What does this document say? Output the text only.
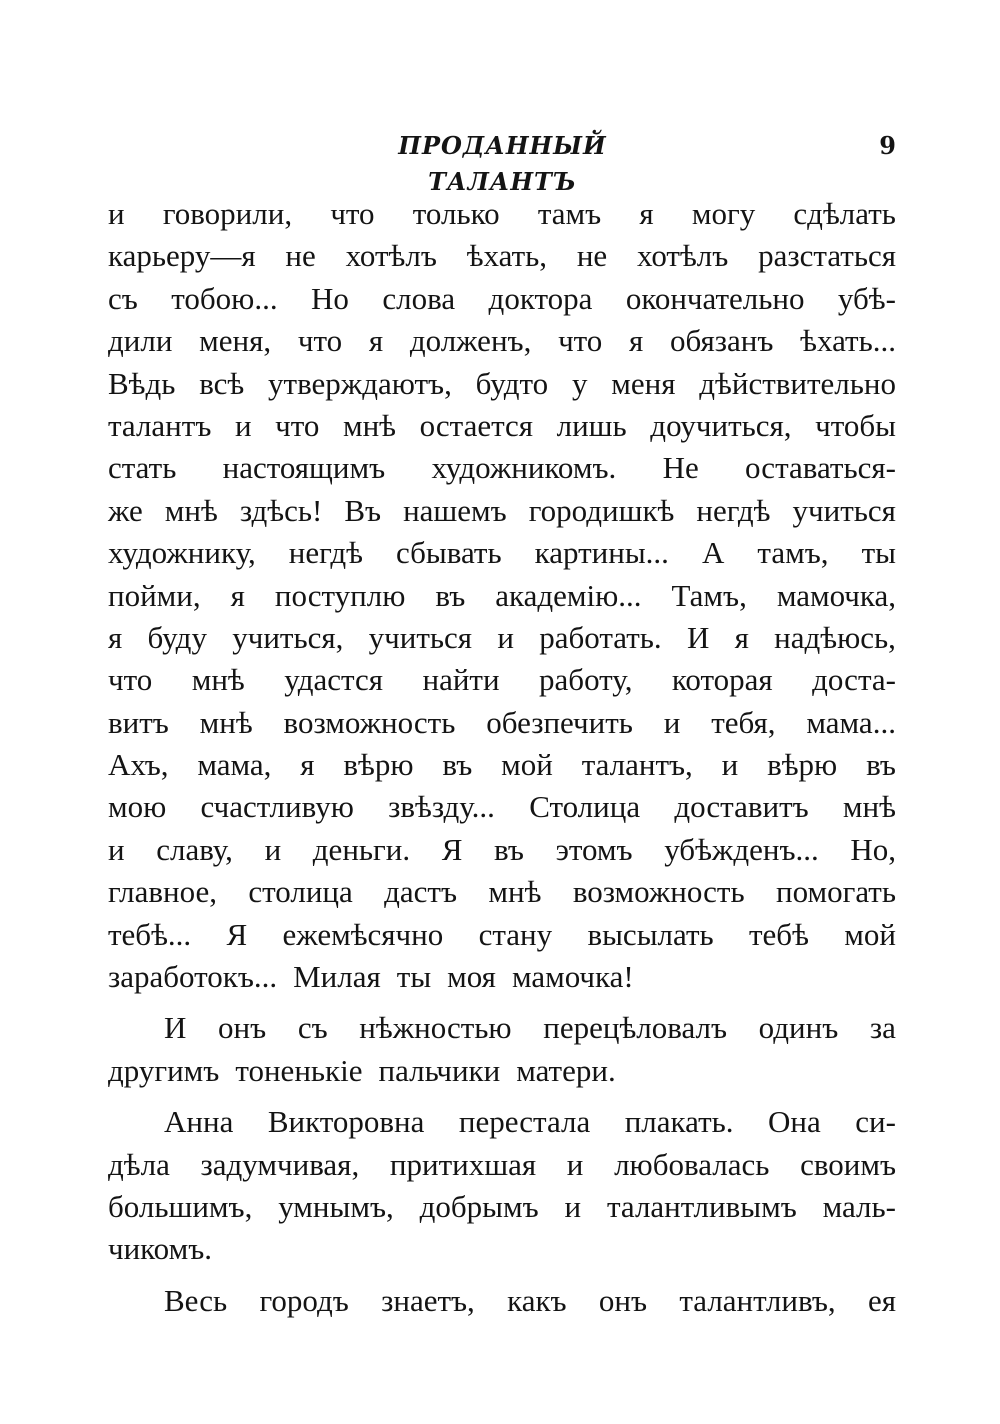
ПРОДАННЫЙ ТАЛАНТЪ
9
и говорили, что только тамъ я могу сдѣлать
карьеру—я не хотѣлъ ѣхать, не хотѣлъ разстаться
съ тобою... Но слова доктора окончательно убѣ-
дили меня, что я долженъ, что я обязанъ ѣхать...
Вѣдь всѣ утверждаютъ, будто у меня дѣйствительно
талантъ и что мнѣ остается лишь доучиться, чтобы
стать настоящимъ художникомъ. Не оставаться-
же мнѣ здѣсь! Въ нашемъ городишкѣ негдѣ учиться
художнику, негдѣ сбывать картины... А тамъ, ты
пойми, я поступлю въ академію... Тамъ, мамочка,
я буду учиться, учиться и работать. И я надѣюсь,
что мнѣ удастся найти работу, которая доста-
витъ мнѣ возможность обезпечить и тебя, мама...
Ахъ, мама, я вѣрю въ мой талантъ, и вѣрю въ
мою счастливую звѣзду... Столица доставитъ мнѣ
и славу, и деньги. Я въ этомъ убѣжденъ... Но,
главное, столица дастъ мнѣ возможность помогать
тебѣ... Я ежемѣсячно стану высылать тебѣ мой
заработокъ... Милая ты моя мамочка!
И онъ съ нѣжностью перецѣловалъ одинъ за
другимъ тоненькіе пальчики матери.
Анна Викторовна перестала плакать. Она си-
дѣла задумчивая, притихшая и любовалась своимъ
большимъ, умнымъ, добрымъ и талантливымъ маль-
чикомъ.
Весь городъ знаетъ, какъ онъ талантливъ, ея
